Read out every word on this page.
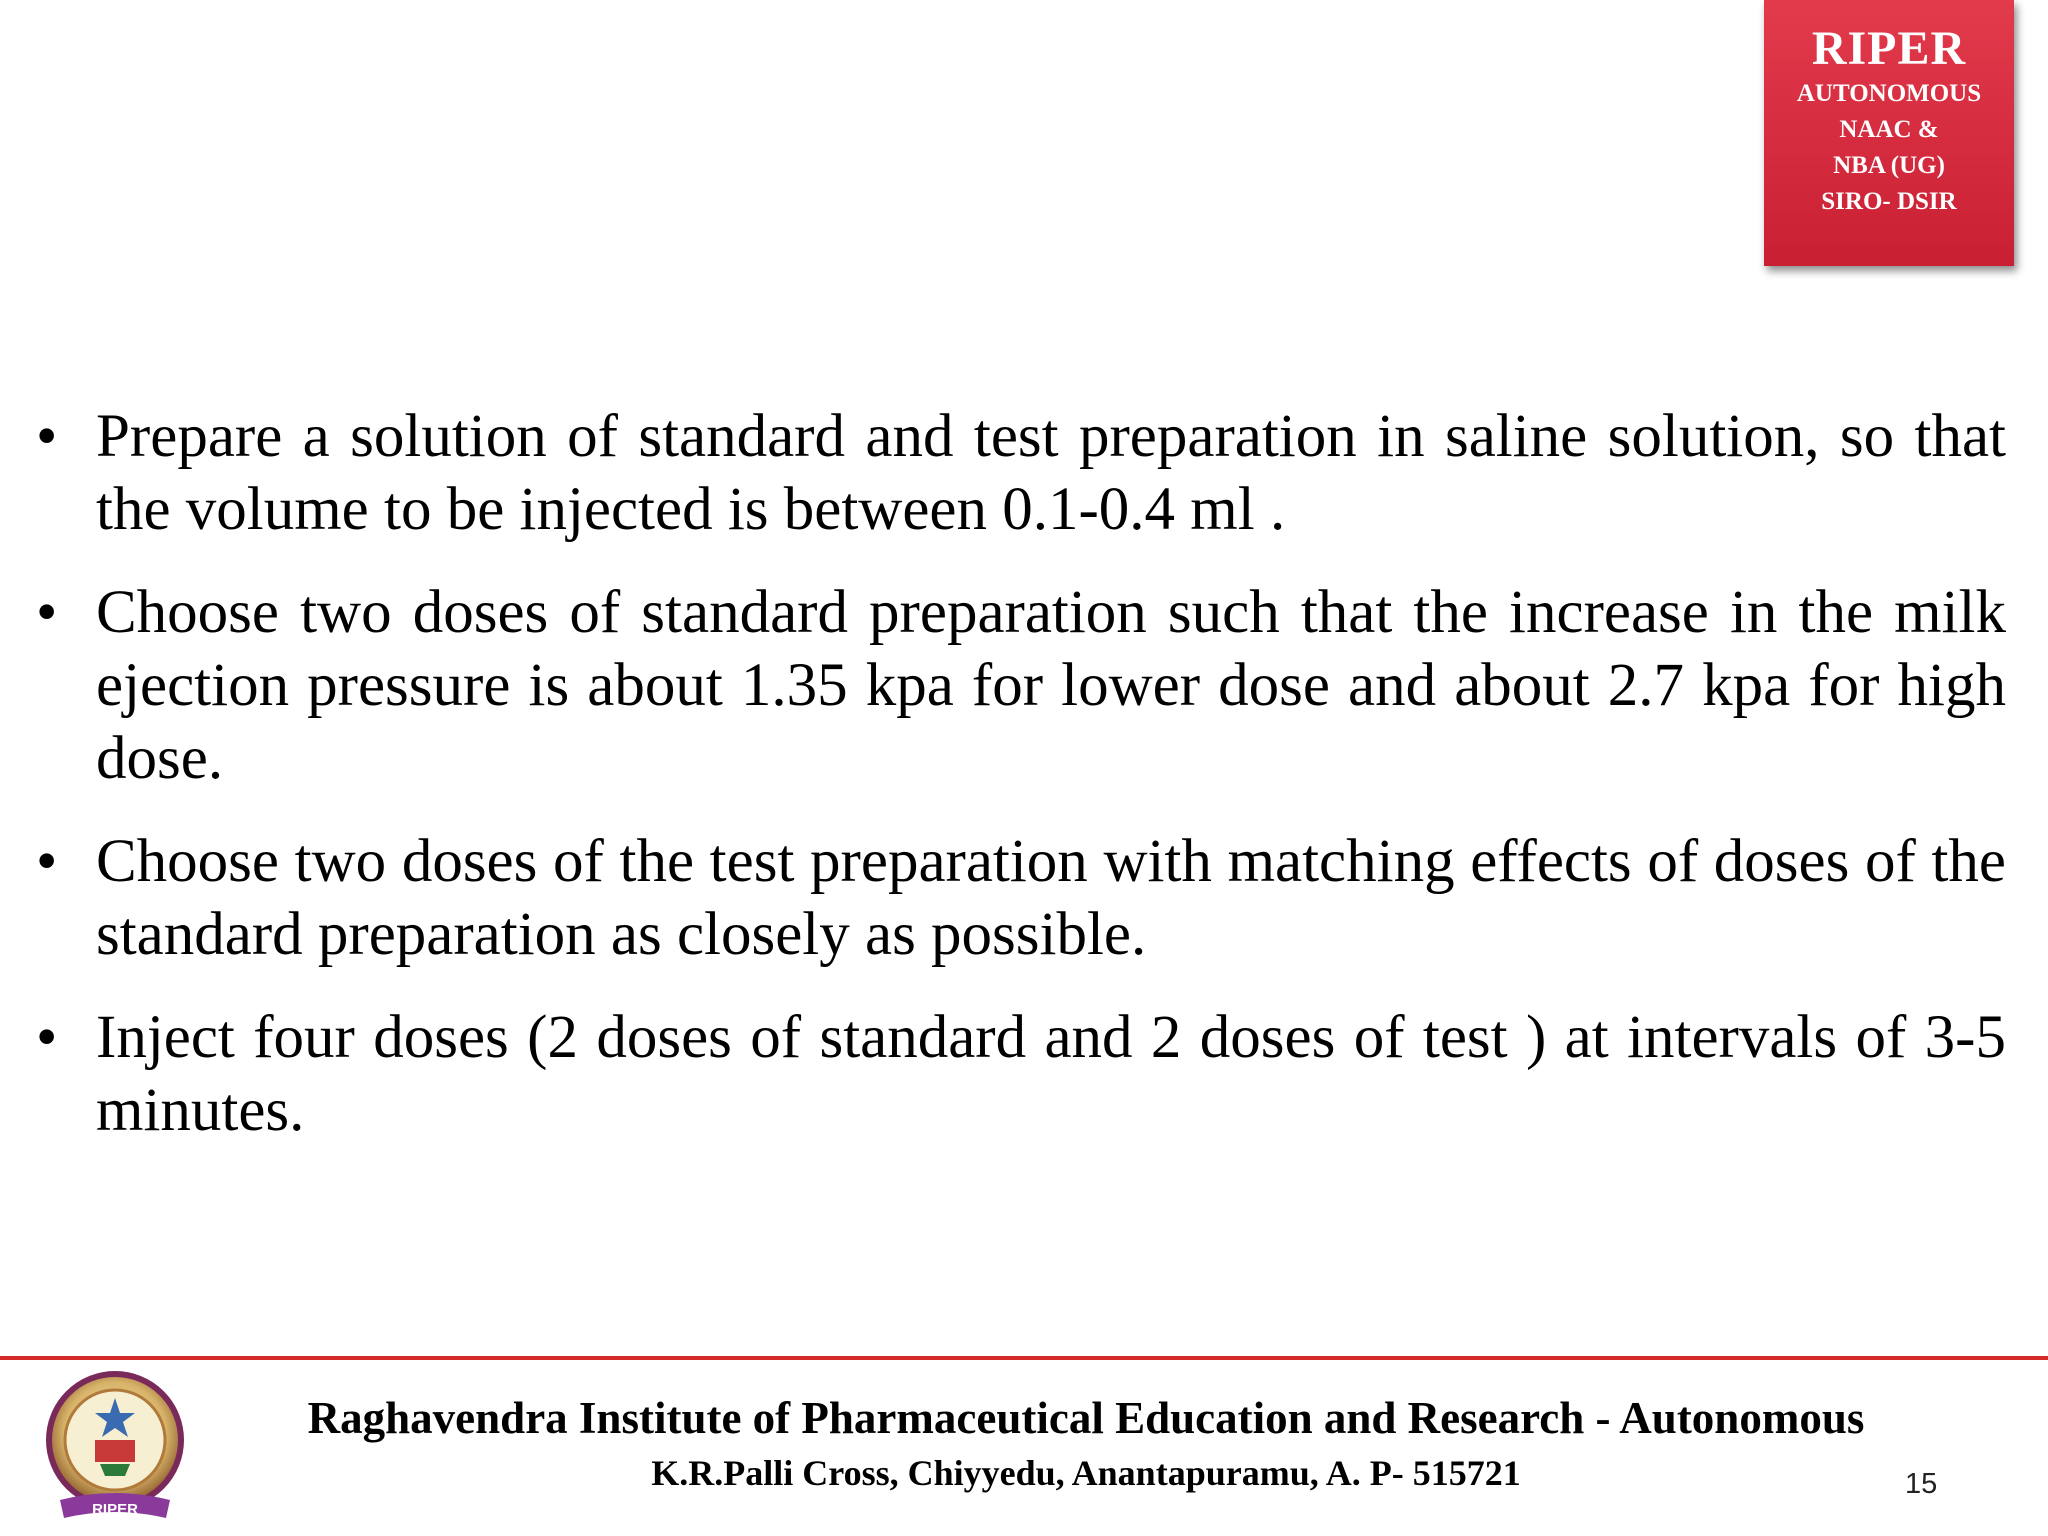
RIPER
AUTONOMOUS
NAAC &
NBA (UG)
SIRO- DSIR
• Prepare a solution of standard and test preparation in saline solution, so that the volume to be injected is between 0.1-0.4 ml .
• Choose two doses of standard preparation such that the increase in the milk ejection pressure is about 1.35 kpa for lower dose and about 2.7 kpa for high dose.
• Choose two doses of the test preparation with matching effects of doses of the standard preparation as closely as possible.
• Inject four doses (2 doses of standard and 2 doses of test ) at intervals of 3-5 minutes.
RIPER
Raghavendra Institute of Pharmaceutical Education and Research - Autonomous
K.R.Palli Cross, Chiyyedu, Anantapuramu, A. P- 515721	15
